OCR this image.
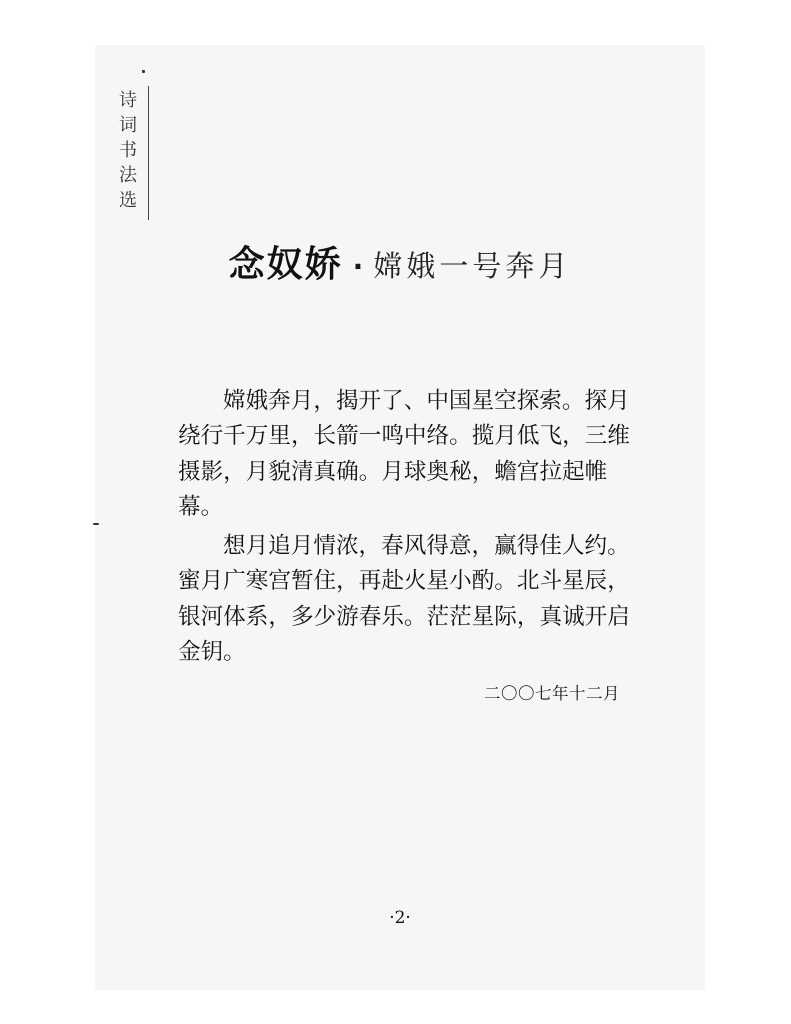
诗词书法选
念奴娇 · 嫦娥一号奔月

嫦娥奔月，揭开了、中国星空探索。探月绕行千万里，长箭一鸣中络。揽月低飞，三维摄影，月貌清真确。月球奥秘，蟾宫拉起帷幕。

想月追月情浓，春风得意，赢得佳人约。蜜月广寒宫暂住，再赴火星小酌。北斗星辰，银河体系，多少游春乐。茫茫星际，真诚开启金钥。

二〇〇七年十二月
·2·
